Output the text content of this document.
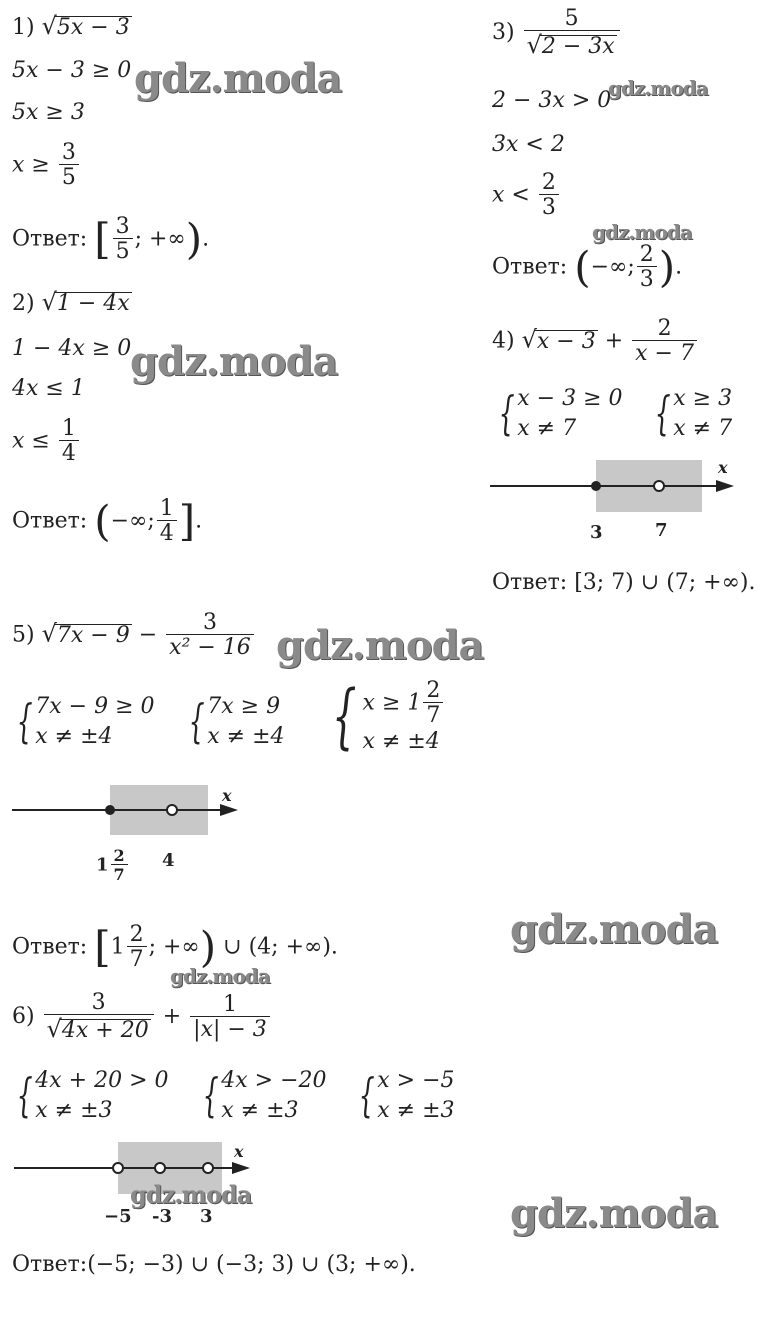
1) √5x − 3
5x − 3 ≥ 0
5x ≥ 3
$x \ge \frac{3}{5}$
Ответ: [ $\frac{3}{5}$ ; +∞).
2) √1 − 4x
1 − 4x ≥ 0
4x ≤ 1
$x \le \frac{1}{4}$
Ответ: (−∞; $\frac{1}{4}$ ].
$3) \frac{5}{√2 - 3x}$
2 − 3x > 0
3x < 2
$x < \frac{2}{3}$
Ответ: (−∞; $\frac{2}{3}$ ).
4) $√x - 3 + \frac{2}{x - 7}$
{ x − 3 ≥ 0
x ≠ 7	{ x ≥ 3
x ≠ 7
x
3	7
Ответ: [3; 7) ∪ (7; +∞).
5) $√7x - 9 - \frac{3}{\text{x² − 16}}$
{ 7x − 9 ≥ 0
x ≠ ±4	{ 7x ≥ 9
x ≠ ±4 { $x \ge 1 \frac{2}{7}$
x ≠ ±4
x
$1 \frac{2}{7} 4$
Ответ: [$1 \frac{2}{7}$ ; +∞) ∪ (4; +∞).
$6) \frac{3}{√4x + 20} + \frac{1}{|x| - 3}$
{ 4x + 20 > 0
x ≠ ±3	{ 4x > −20
x ≠ ±3	{ x > −5
x ≠ ±3
x
−5 -3 3
Ответ:(−5; −3) ∪ (−3; 3) ∪ (3; +∞).
gdz.moda
gdz.moda
gdz.moda
gdz.moda
gdz.moda
gdz.moda
gdz.moda
gdz.moda	gdz.moda
